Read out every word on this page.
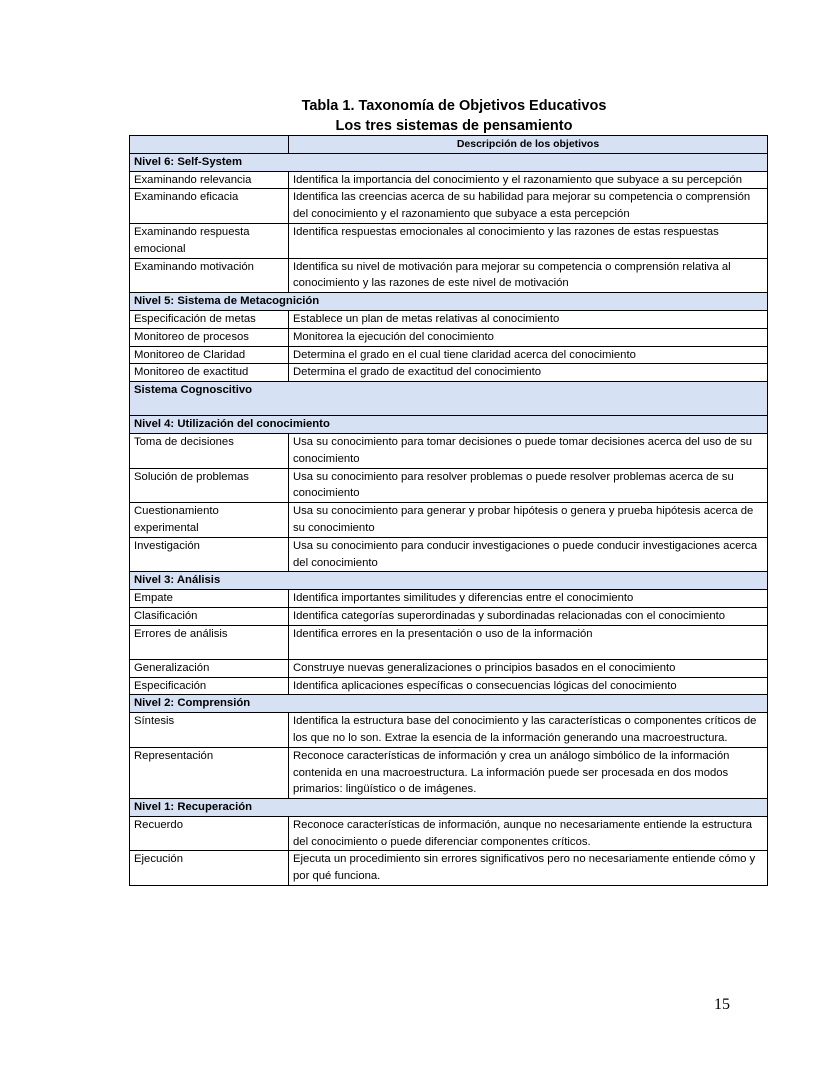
Tabla 1. Taxonomía de Objetivos Educativos
Los tres sistemas de pensamiento
	Descripción de los objetivos
Nivel 6: Self-System	
Examinando relevancia	Identifica la importancia del conocimiento y el razonamiento que subyace a su percepción
Examinando eficacia	Identifica las creencias acerca de su habilidad para mejorar su competencia o comprensión del conocimiento y el razonamiento que subyace a esta percepción
Examinando respuesta emocional	Identifica respuestas emocionales al conocimiento y las razones de estas respuestas
Examinando motivación	Identifica su nivel de motivación para mejorar su competencia o comprensión relativa al conocimiento y las razones de este nivel de motivación
Nivel 5: Sistema de Metacognición	
Especificación de metas	Establece un plan de metas relativas al conocimiento
Monitoreo de procesos	Monitorea la ejecución del conocimiento
Monitoreo de Claridad	Determina el grado en el cual tiene claridad acerca del conocimiento
Monitoreo de exactitud	Determina el grado de exactitud del conocimiento
Sistema Cognoscitivo	
Nivel 4: Utilización del conocimiento	
Toma de decisiones	Usa su conocimiento para tomar decisiones o puede tomar decisiones acerca del uso de su conocimiento
Solución de problemas	Usa su conocimiento para resolver problemas o puede resolver problemas acerca de su conocimiento
Cuestionamiento experimental	Usa su conocimiento para generar y probar hipótesis o genera y prueba hipótesis acerca de su conocimiento
Investigación	Usa su conocimiento para conducir investigaciones o puede conducir investigaciones acerca del conocimiento
Nivel 3: Análisis	
Empate	Identifica importantes similitudes y diferencias entre el conocimiento
Clasificación	Identifica categorías superordinadas y subordinadas relacionadas con el conocimiento
Errores de análisis	Identifica errores en la presentación o uso de la información
Generalización	Construye nuevas generalizaciones o principios basados en el conocimiento
Especificación	Identifica aplicaciones específicas o consecuencias lógicas del conocimiento
Nivel 2: Comprensión	
Síntesis	Identifica la estructura base del conocimiento y las características o componentes críticos de los que no lo son. Extrae la esencia de la información generando una macroestructura.
Representación	Reconoce características de información y crea un análogo simbólico de la información contenida en una macroestructura. La información puede ser procesada en dos modos primarios: lingüístico o de imágenes.
Nivel 1: Recuperación	
Recuerdo	Reconoce características de información, aunque no necesariamente entiende la estructura del conocimiento o puede diferenciar componentes críticos.
Ejecución	Ejecuta un procedimiento sin errores significativos pero no necesariamente entiende cómo y por qué funciona.
15
